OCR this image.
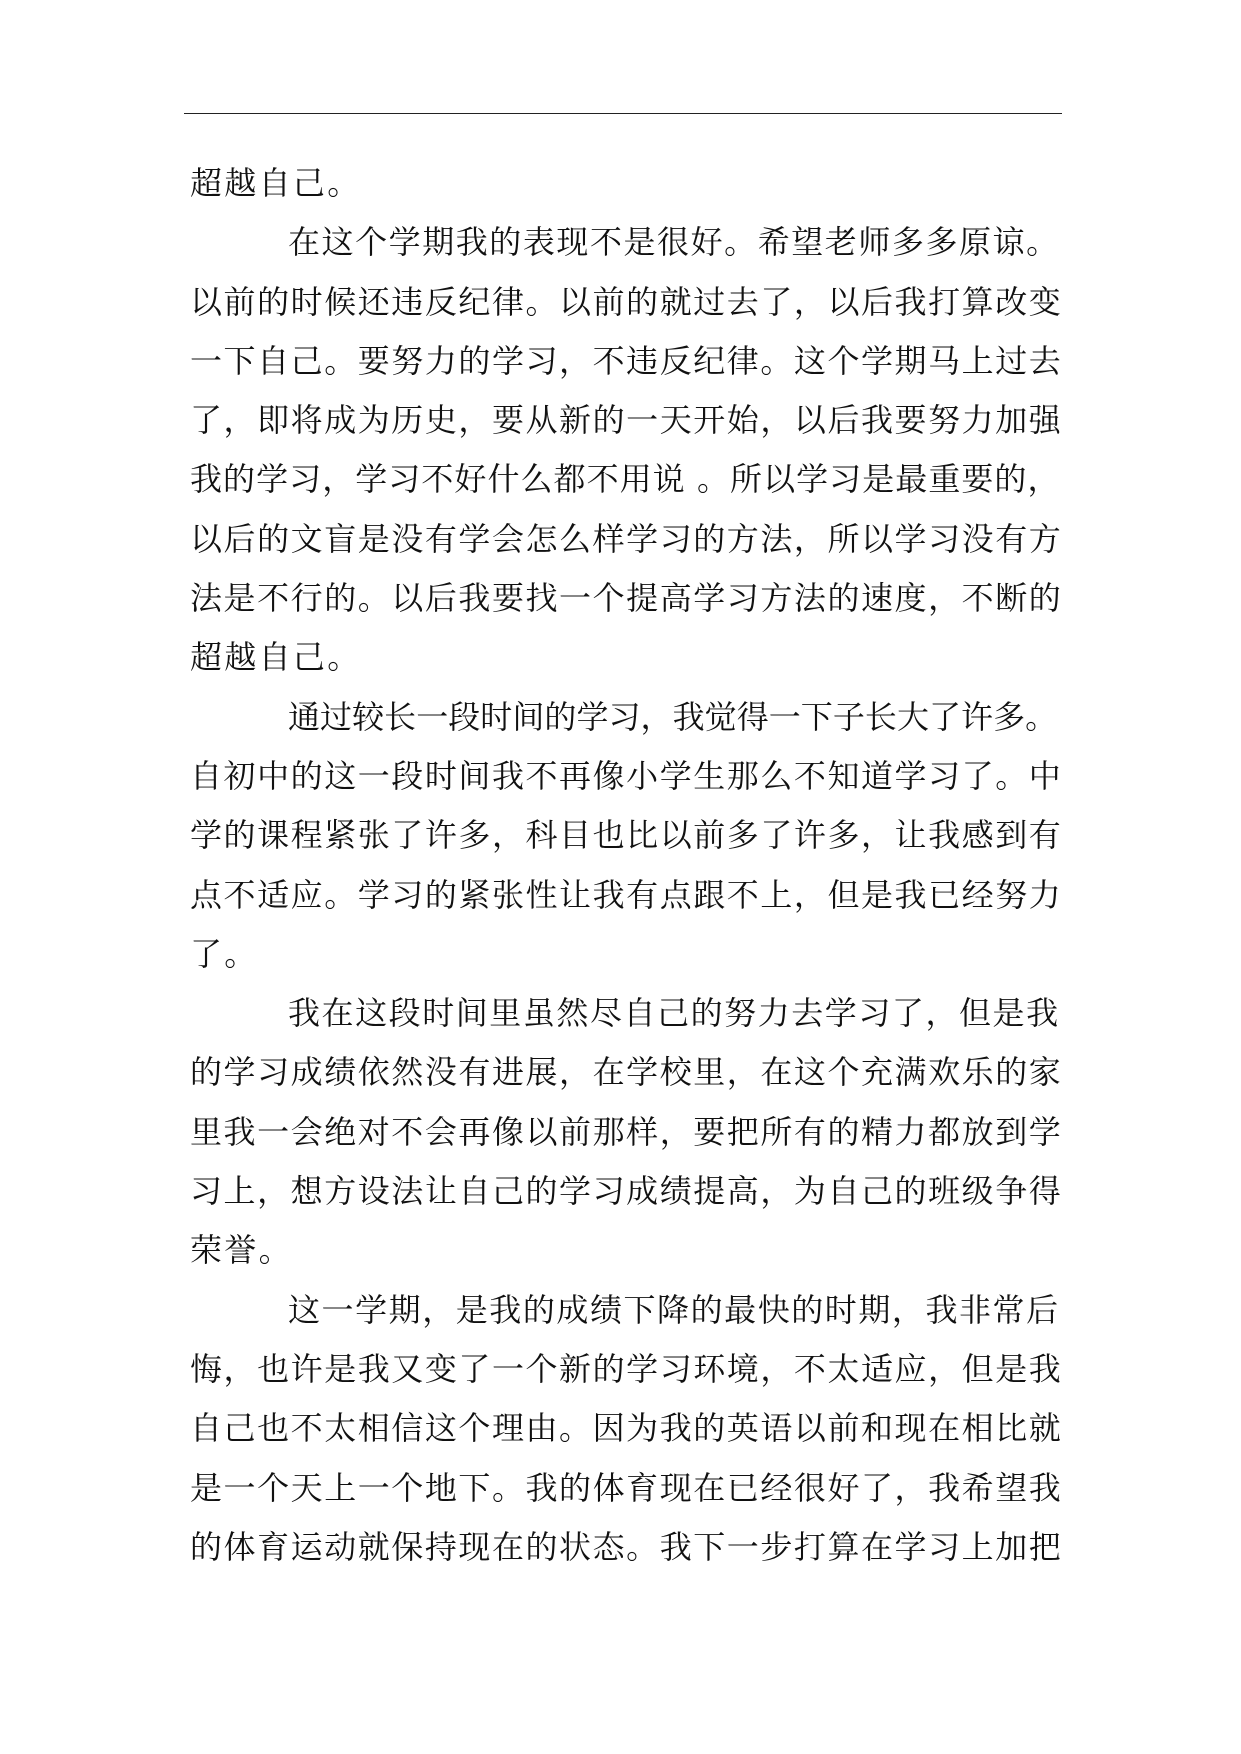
超越自己。
在这个学期我的表现不是很好。希望老师多多原谅。
以前的时候还违反纪律。以前的就过去了，以后我打算改变
一下自己。要努力的学习，不违反纪律。这个学期马上过去
了，即将成为历史，要从新的一天开始，以后我要努力加强
我的学习，学习不好什么都不用说 。所以学习是最重要的，
以后的文盲是没有学会怎么样学习的方法，所以学习没有方
法是不行的。以后我要找一个提高学习方法的速度，不断的
超越自己。
通过较长一段时间的学习，我觉得一下子长大了许多。
自初中的这一段时间我不再像小学生那么不知道学习了。中
学的课程紧张了许多，科目也比以前多了许多，让我感到有
点不适应。学习的紧张性让我有点跟不上，但是我已经努力
了。
我在这段时间里虽然尽自己的努力去学习了，但是我
的学习成绩依然没有进展，在学校里，在这个充满欢乐的家
里我一会绝对不会再像以前那样，要把所有的精力都放到学
习上，想方设法让自己的学习成绩提高，为自己的班级争得
荣誉。
这一学期，是我的成绩下降的最快的时期，我非常后
悔，也许是我又变了一个新的学习环境，不太适应，但是我
自己也不太相信这个理由。因为我的英语以前和现在相比就
是一个天上一个地下。我的体育现在已经很好了，我希望我
的体育运动就保持现在的状态。我下一步打算在学习上加把
